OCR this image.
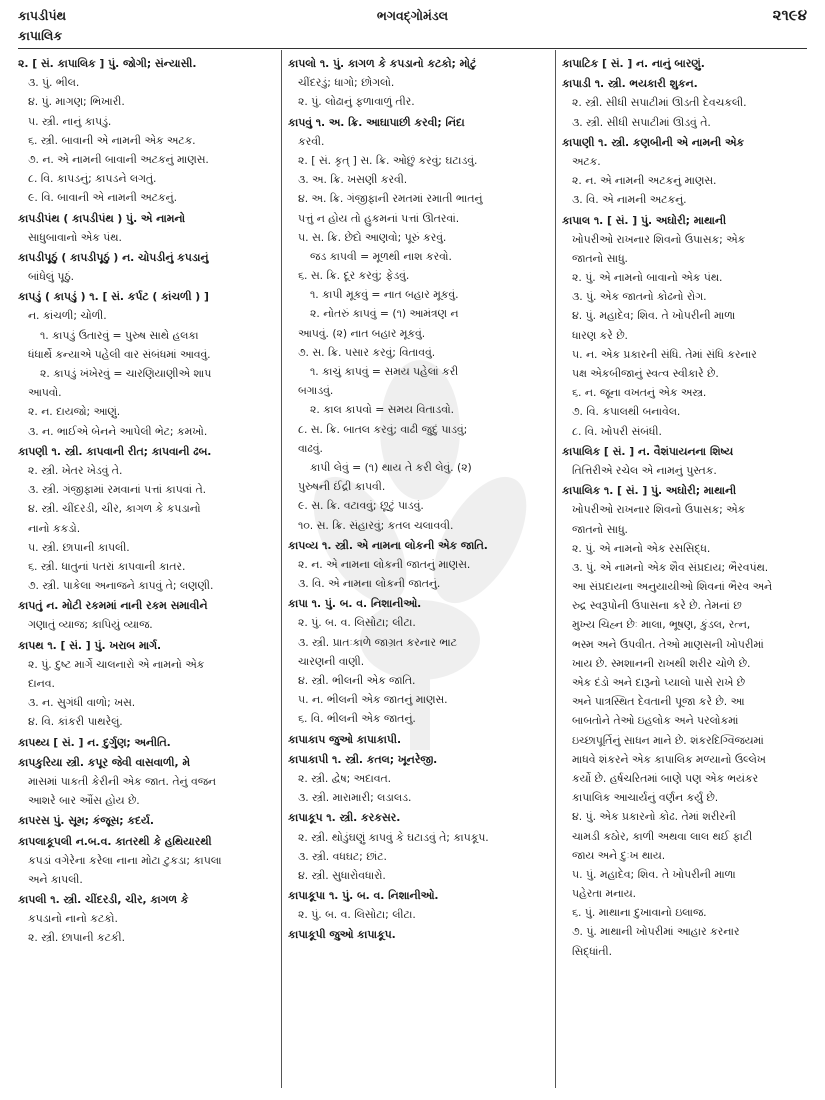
ભગવદ્ગોમંડલ
કાપડીપંથ	૨૧૯૪
કાપાલિક
૨. [ સં. કાપાલિક ] પું. જોગી; સંન્યાસી.
૩. પું. ભીલ.
૪. પું. માગણ; ભિખારી.
૫. સ્ત્રી. નાનું કાપડું.
૬. સ્ત્રી. બાવાની એ નામની એક અટક.
૭. ન. એ નામની બાવાની અટકનું માણસ.
૮. વિ. કાપડનું; કાપડને લગતું.
૯. વિ. બાવાની એ નામની અટકનું.
કાપડીપંથ ( કાપડીપંથ ) પું. એ નામનો
સાધુબાવાનો એક પંથ.
કાપડીપૂઠું ( કાપડીપૂઠું ) ન. ચોપડીનું કપડાનું
બાંધેલું પૂઠું.
કાપડું ( કાપડું ) ૧. [ સં. કર્પટ ( કાંચળી ) ]
ન. કાંચળી; ચોળી.
૧. કાપડું ઉતારવું = પુરુષ સાથે હલકા
ધંધાર્થે કન્યાએ પહેલી વાર સંબંધમાં આવવું.
૨. કાપડું ખંખેરવું = ચારણિયાણીએ શાપ
આપવો.
૨. ન. દાયજો; આણું.
૩. ન. ભાઈએ બેનને આપેલી ભેટ; કમખો.
કાપણી ૧. સ્ત્રી. કાપવાની રીત; કાપવાની ઢબ.
૨. સ્ત્રી. ખેતર ખેડવું તે.
૩. સ્ત્રી. ગંજીફામાં રમવાનાં પત્તાં કાપવાં તે.
૪. સ્ત્રી. ચીંદરડી, ચીર, કાગળ કે કપડાનો
નાનો કકડો.
૫. સ્ત્રી. છાપાની કાપલી.
૬. સ્ત્રી. ધાતુનાં પતરાં કાપવાની કાતર.
૭. સ્ત્રી. પાકેલા અનાજને કાપવું તે; લણણી.
કાપતું ન. મોટી રકમમાં નાની રકમ સમાવીને
ગણાતું વ્યાજ; કાપિયું વ્યાજ.
કાપથ ૧. [ સં. ] પું. ખરાબ માર્ગ.
૨. પું. દુષ્ટ માર્ગે ચાલનારો એ નામનો એક
દાનવ.
૩. ન. સુગંધી વાળો; ખસ.
૪. વિ. કાંકરી પાથરેલું.
કાપથ્ય [ સં. ] ન. દુર્ગુણ; અનીતિ.
કાપકુરિયા સ્ત્રી. કપૂર જેવી વાસવાળી, મે
માસમાં પાકતી કેરીની એક જાત. તેનું વજન
આશરે બાર ઔંસ હોય છે.
કાપરસ પું. સૂમ; કંજૂસ; કદર્ય.
કાપલાકૂપલી ન.બ.વ. કાતરથી કે હથિયારથી
કપડાં વગેરેના કરેલા નાના મોટા ટુકડા; કાપલા
અને કાપલી.
કાપલી ૧. સ્ત્રી. ચીંદરડી, ચીર, કાગળ કે
કપડાનો નાનો કટકો.
૨. સ્ત્રી. છાપાની કટકી.
કાપલો ૧. પું. કાગળ કે કપડાનો કટકો; મોટું
ચીંદરડું; ધાગો; છોગલો.
૨. પું. લોઢાનું ફળાવાળું તીર.
કાપવું ૧. અ. ક્રિ. આઘાપાછી કરવી; નિંદા
કરવી.
૨. [ સં. કૃત્ ] સ. ક્રિ. ઓછું કરવું; ઘટાડવું.
૩. અ. ક્રિ. ખસણી કરવી.
૪. અ. ક્રિ. ગંજીફાની રમતમાં રમાતી ભાતનું
પત્તું ન હોય તો હુકમનાં પત્તાં ઊતરવાં.
૫. સ. ક્રિ. છેદો આણવો; પૂરું કરવું.
જડ કાપવી = મૂળથી નાશ કરવો.
૬. સ. ક્રિ. દૂર કરવું; ફેડવું.
૧. કાપી મૂકવું = નાત બહાર મૂકવું.
૨. નોતરું કાપવું = (૧) આમંત્રણ ન
આપવું. (૨) નાત બહાર મૂકવું.
૭. સ. ક્રિ. પસાર કરવું; વિતાવવું.
૧. કાચું કાપવું = સમય પહેલાં કરી
બગાડવું.
૨. કાલ કાપવો = સમય વિતાડવો.
૮. સ. ક્રિ. બાતલ કરવું; વાઢી જુદું પાડવું;
વાઢવું.
કાપી લેવું = (૧) થાય તે કરી લેવું. (૨)
પુરુષની ઈંદ્રી કાપવી.
૯. સ. ક્રિ. વટાવવું; છૂટું પાડવું.
૧૦. સ. ક્રિ. સંહારવું; કતલ ચલાવવી.
કાપવ્ય ૧. સ્ત્રી. એ નામના લોકની એક જાતિ.
૨. ન. એ નામના લોકની જાતનું માણસ.
૩. વિ. એ નામના લોકની જાતનું.
કાપા ૧. પું. બ. વ. નિશાનીઓ.
૨. પું. બ. વ. લિસોટા; લીટા.
૩. સ્ત્રી. પ્રાતઃકાળે જાગ્રત કરનાર ભાટ
ચારણની વાણી.
૪. સ્ત્રી. ભીલની એક જાતિ.
૫. ન. ભીલની એક જાતનું માણસ.
૬. વિ. ભીલની એક જાતનું.
કાપાકાપ જુઓ કાપાકાપી.
કાપાકાપી ૧. સ્ત્રી. કતલ; ખૂનરેજી.
૨. સ્ત્રી. દ્વેષ; અદાવત.
૩. સ્ત્રી. મારામારી; લડાલડ.
કાપાકૂપ ૧. સ્ત્રી. કરકસર.
૨. સ્ત્રી. થોડુંઘણું કાપવું કે ઘટાડવું તે; કાપકૂપ.
૩. સ્ત્રી. વધઘટ; છાંટ.
૪. સ્ત્રી. સુધારોવધારો.
કાપાકૂપા ૧. પું. બ. વ. નિશાનીઓ.
૨. પું. બ. વ. લિસોટા; લીટા.
કાપાકૂપી જુઓ કાપાકૂપ.
કાપાટિક [ સં. ] ન. નાનું બારણું.
કાપાડી ૧. સ્ત્રી. ભયકારી શુકન.
૨. સ્ત્રી. સીધી સપાટીમાં ઊડતી દેવચકલી.
૩. સ્ત્રી. સીધી સપાટીમાં ઊડવું તે.
કાપાણી ૧. સ્ત્રી. કણબીની એ નામની એક
અટક.
૨. ન. એ નામની અટકનું માણસ.
૩. વિ. એ નામની અટકનું.
કાપાલ ૧. [ સં. ] પું. અઘોરી; માથાની
ખોપરીઓ રાખનાર શિવનો ઉપાસક; એક
જાતનો સાધુ.
૨. પું. એ નામનો બાવાનો એક પંથ.
૩. પું. એક જાતનો કોઢનો રોગ.
૪. પું. મહાદેવ; શિવ. તે ખોપરીની માળા
ધારણ કરે છે.
૫. ન. એક પ્રકારની સંધિ. તેમાં સંધિ કરનાર
પક્ષ એકબીજાનું સ્વત્વ સ્વીકારે છે.
૬. ન. જૂના વખતનું એક અસ્ત્ર.
૭. વિ. કપાલથી બનાવેલ.
૮. વિ. ખોપરી સંબંધી.
કાપાલિક [ સં. ] ન. વૈશંપાયનના શિષ્ય
તિત્તિરીએ રચેલ એ નામનું પુસ્તક.
કાપાલિક ૧. [ સં. ] પું. અઘોરી; માથાની
ખોપરીઓ રાખનાર શિવનો ઉપાસક; એક
જાતનો સાધુ.
૨. પું. એ નામનો એક રસસિદ્ધ.
૩. પું. એ નામનો એક શૈવ સંપ્રદાય; ભૈરવપંથ.
આ સંપ્રદાયના અનુયાયીઓ શિવનાં ભૈરવ અને
રુદ્ર સ્વરૂપોની ઉપાસના કરે છે. તેમનાં છ
મુખ્ય ચિહ્ન છેઃ માલા, ભૂષણ, કુંડલ, રત્ન,
ભસ્મ અને ઉપવીત. તેઓ માણસની ખોપરીમાં
ખાય છે. સ્મશાનની રાખથી શરીર ચોળે છે.
એક દંડો અને દારૂનો પ્યાલો પાસે રાખે છે
અને પાત્રસ્થિત દેવતાની પૂજા કરે છે. આ
બાબતોને તેઓ ઇહલોક અને પરલોકમાં
ઇચ્છાપૂર્તિનું સાધન માને છે. શંકરદિગ્વિજયમાં
માધવે શંકરને એક કાપાલિક મળ્યાનો ઉલ્લેખ
કર્યો છે. હર્ષચરિતમાં બાણે પણ એક ભયંકર
કાપાલિક આચાર્યનું વર્ણન કર્યું છે.
૪. પું. એક પ્રકારનો કોઢ. તેમાં શરીરની
ચામડી કઠોર, કાળી અથવા લાલ થઈ ફાટી
જાય અને દુઃખ થાય.
૫. પું. મહાદેવ; શિવ. તે ખોપરીની માળા
પહેરતા મનાય.
૬. પું. માથાના દુખાવાનો ઇલાજ.
૭. પું. માથાની ખોપરીમાં આહાર કરનાર
સિદ્ધાંતી.
